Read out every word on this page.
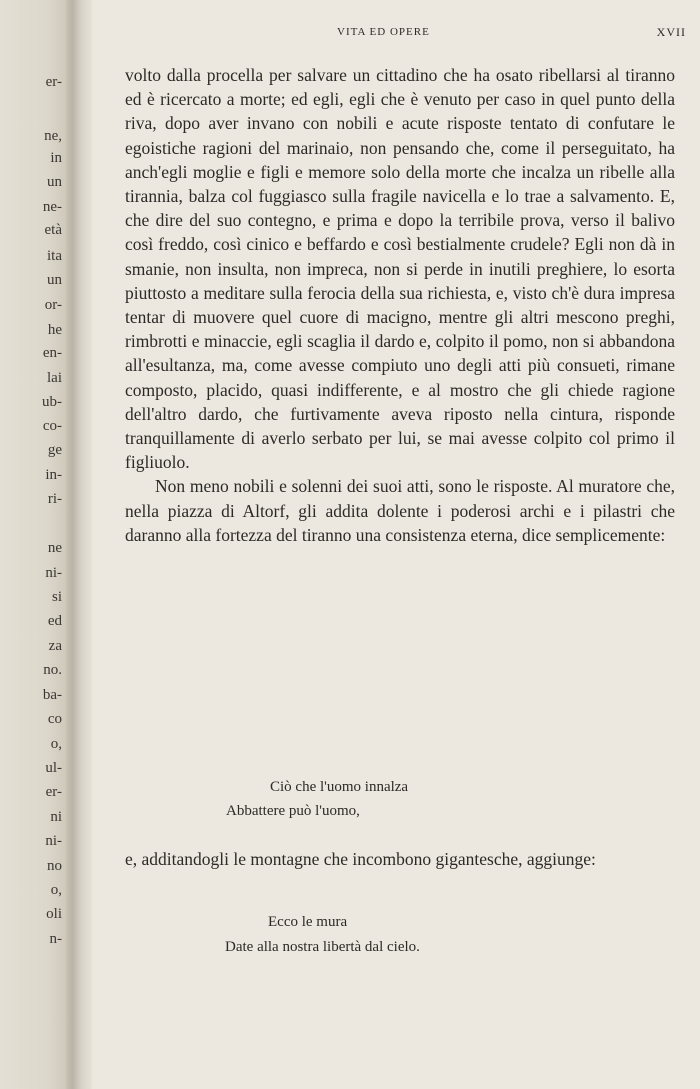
er-
ne,
in
un
ne-
età
ita
un
or-
he
en-
lai
ub-
co-
ge
in-
ri-
ne
ni-
si
ed
za
no.
ba-
co
o,
ul-
er-
ni
ni-
no
o,
oli
n-
VITA ED OPERE	XVII

volto dalla procella per salvare un cittadino che ha osato ribellarsi al tiranno ed è ricercato a morte; ed egli, egli che è venuto per caso in quel punto della riva, dopo aver invano con nobili e acute risposte tentato di confutare le egoistiche ragioni del marinaio, non pensando che, come il perseguitato, ha anch'egli moglie e figli e memore solo della morte che incalza un ribelle alla tirannia, balza col fuggiasco sulla fragile navicella e lo trae a salvamento. E, che dire del suo contegno, e prima e dopo la terribile prova, verso il balivo così freddo, così cinico e beffardo e così bestialmente crudele? Egli non dà in smanie, non insulta, non impreca, non si perde in inutili preghiere, lo esorta piuttosto a meditare sulla ferocia della sua richiesta, e, visto ch'è dura impresa tentar di muovere quel cuore di macigno, mentre gli altri mescono preghi, rimbrotti e minaccie, egli scaglia il dardo e, colpito il pomo, non si abbandona all'esultanza, ma, come avesse compiuto uno degli atti più consueti, rimane composto, placido, quasi indifferente, e al mostro che gli chiede ragione dell'altro dardo, che furtivamente aveva riposto nella cintura, risponde tranquillamente di averlo serbato per lui, se mai avesse colpito col primo il figliuolo.

Non meno nobili e solenni dei suoi atti, sono le risposte. Al muratore che, nella piazza di Altorf, gli addita dolente i poderosi archi e i pilastri che daranno alla fortezza del tiranno una consistenza eterna, dice semplicemente:

Ciò che l'uomo innalza
Abbattere può l'uomo,
e, additandogli le montagne che incombono gigantesche, aggiunge:
Ecco le mura
Date alla nostra libertà dal cielo.
